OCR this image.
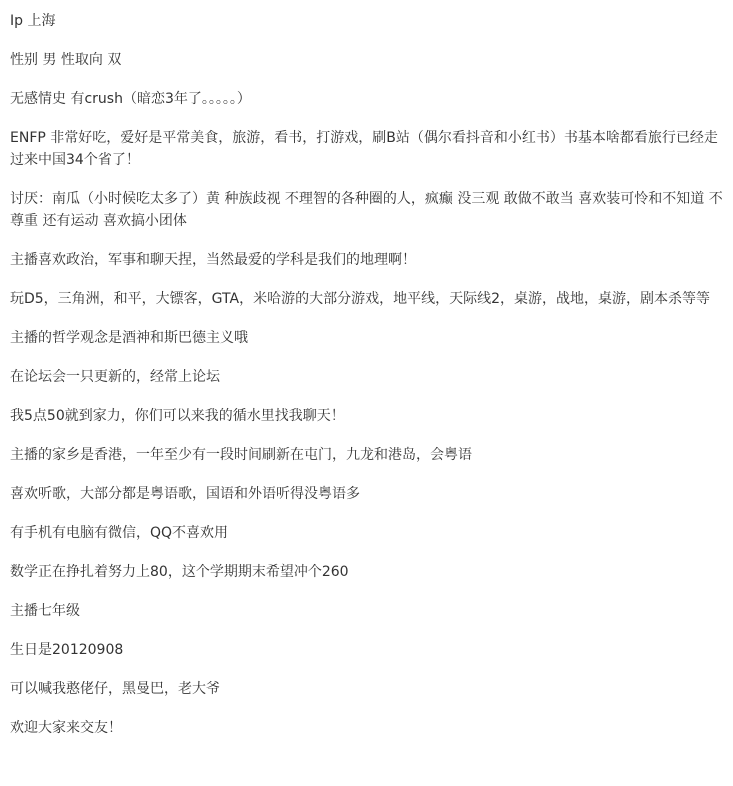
Ip 上海

性别 男 性取向 双

无感情史 有crush（暗恋3年了。。。。。）

ENFP 非常好吃，爱好是平常美食，旅游，看书，打游戏，刷B站（偶尔看抖音和小红书）书基本啥都看旅行已经走过来中国34个省了！

讨厌：南瓜（小时候吃太多了）黄 种族歧视 不理智的各种圈的人，疯癫 没三观 敢做不敢当 喜欢装可怜和不知道 不尊重 还有运动 喜欢搞小团体

主播喜欢政治，军事和聊天捏，当然最爱的学科是我们的地理啊！

玩D5，三角洲，和平，大镖客，GTA，米哈游的大部分游戏，地平线，天际线2，桌游，战地，桌游，剧本杀等等

主播的哲学观念是酒神和斯巴德主义哦

在论坛会一只更新的，经常上论坛

我5点50就到家力，你们可以来我的循水里找我聊天！

主播的家乡是香港，一年至少有一段时间刷新在屯门，九龙和港岛，会粤语

喜欢听歌，大部分都是粤语歌，国语和外语听得没粤语多

有手机有电脑有微信，QQ不喜欢用

数学正在挣扎着努力上80，这个学期期末希望冲个260

主播七年级

生日是20120908

可以喊我憨佬仔，黑曼巴，老大爷

欢迎大家来交友！
